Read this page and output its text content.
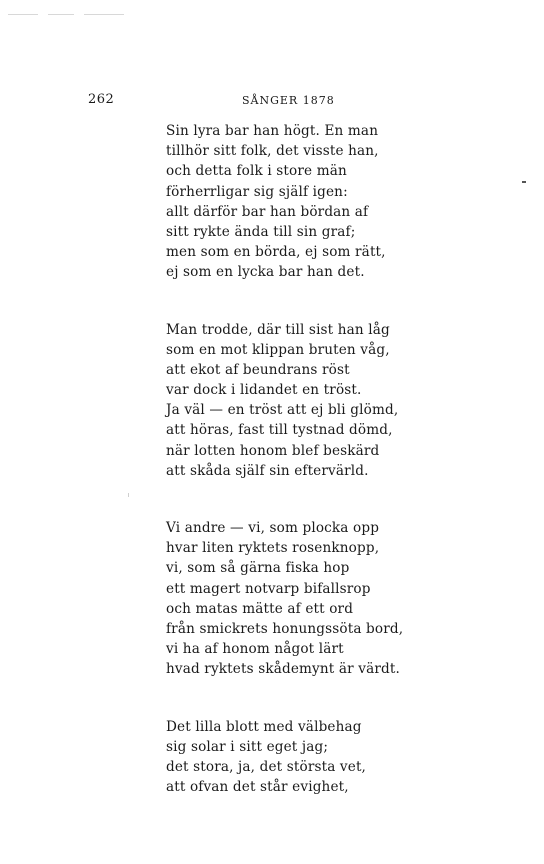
262	SÅNGER 1878
Sin lyra bar han högt. En man
tillhör sitt folk, det visste han,
och detta folk i store män
förherrligar sig själf igen:
allt därför bar han bördan af
sitt rykte ända till sin graf;
men som en börda, ej som rätt,
ej som en lycka bar han det.
Man trodde, där till sist han låg
som en mot klippan bruten våg,
att ekot af beundrans röst
var dock i lidandet en tröst.
Ja väl — en tröst att ej bli glömd,
att höras, fast till tystnad dömd,
när lotten honom blef beskärd
att skåda själf sin eftervärld.
Vi andre — vi, som plocka opp
hvar liten ryktets rosenknopp,
vi, som så gärna fiska hop
ett magert notvarp bifallsrop
och matas mätte af ett ord
från smickrets honungssöta bord,
vi ha af honom något lärt
hvad ryktets skådemynt är värdt.
Det lilla blott med välbehag
sig solar i sitt eget jag;
det stora, ja, det största vet,
att ofvan det står evighet,
